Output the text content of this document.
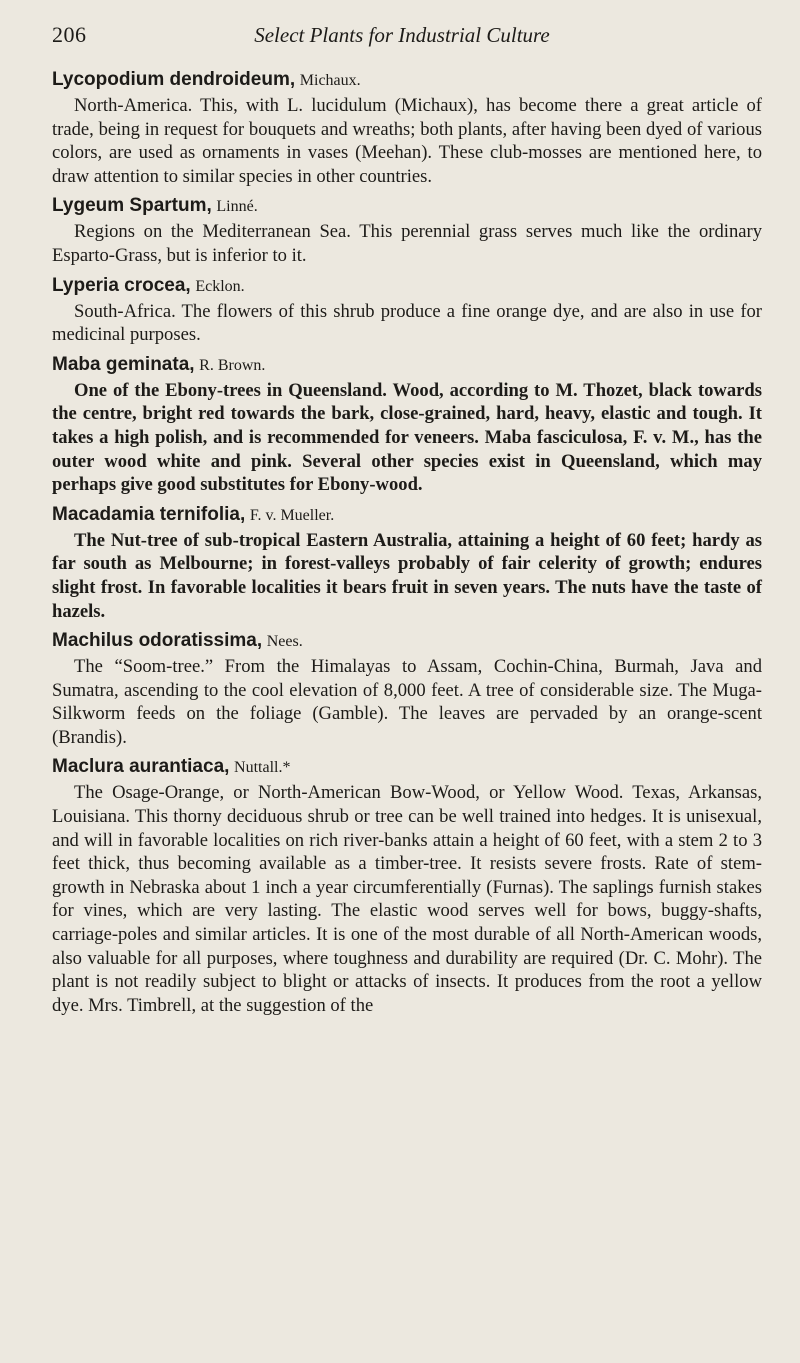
206	Select Plants for Industrial Culture

Lycopodium dendroideum, Michaux.

North-America. This, with L. lucidulum (Michaux), has become there a great article of trade, being in request for bouquets and wreaths; both plants, after having been dyed of various colors, are used as ornaments in vases (Meehan). These club-mosses are mentioned here, to draw attention to similar species in other countries.

Lygeum Spartum, Linné.

Regions on the Mediterranean Sea. This perennial grass serves much like the ordinary Esparto-Grass, but is inferior to it.

Lyperia crocea, Ecklon.

South-Africa. The flowers of this shrub produce a fine orange dye, and are also in use for medicinal purposes.

Maba geminata, R. Brown.

One of the Ebony-trees in Queensland. Wood, according to M. Thozet, black towards the centre, bright red towards the bark, close-grained, hard, heavy, elastic and tough. It takes a high polish, and is recommended for veneers. Maba fasciculosa, F. v. M., has the outer wood white and pink. Several other species exist in Queensland, which may perhaps give good substitutes for Ebony-wood.

Macadamia ternifolia, F. v. Mueller.

The Nut-tree of sub-tropical Eastern Australia, attaining a height of 60 feet; hardy as far south as Melbourne; in forest-valleys probably of fair celerity of growth; endures slight frost. In favorable localities it bears fruit in seven years. The nuts have the taste of hazels.

Machilus odoratissima, Nees.

The “Soom-tree.” From the Himalayas to Assam, Cochin-China, Burmah, Java and Sumatra, ascending to the cool elevation of 8,000 feet. A tree of considerable size. The Muga-Silkworm feeds on the foliage (Gamble). The leaves are pervaded by an orange-scent (Brandis).

Maclura aurantiaca, Nuttall.*

The Osage-Orange, or North-American Bow-Wood, or Yellow Wood. Texas, Arkansas, Louisiana. This thorny deciduous shrub or tree can be well trained into hedges. It is unisexual, and will in favorable localities on rich river-banks attain a height of 60 feet, with a stem 2 to 3 feet thick, thus becoming available as a timber-tree. It resists severe frosts. Rate of stem-growth in Nebraska about 1 inch a year circumferentially (Furnas). The saplings furnish stakes for vines, which are very lasting. The elastic wood serves well for bows, buggy-shafts, carriage-poles and similar articles. It is one of the most durable of all North-American woods, also valuable for all purposes, where toughness and durability are required (Dr. C. Mohr). The plant is not readily subject to blight or attacks of insects. It produces from the root a yellow dye. Mrs. Timbrell, at the suggestion of the
